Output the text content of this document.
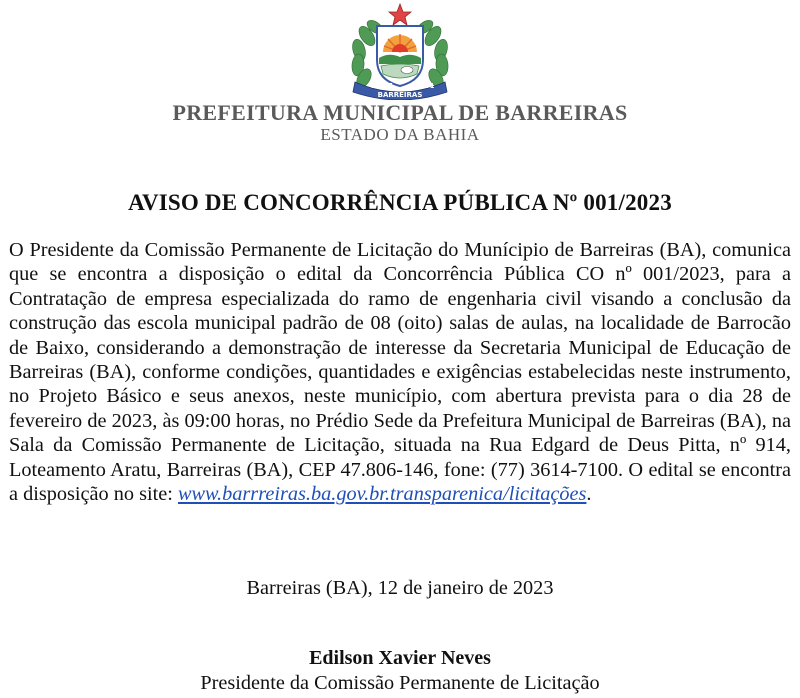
26/05	1891
BARREIRAS
PREFEITURA MUNICIPAL DE BARREIRAS
ESTADO DA BAHIA
AVISO DE CONCORRÊNCIA PÚBLICA Nº 001/2023

O Presidente da Comissão Permanente de Licitação do Munícipio de Barreiras (BA), comunica que se encontra a disposição o edital da Concorrência Pública CO nº 001/2023, para a Contratação de empresa especializada do ramo de engenharia civil visando a conclusão da construção das escola municipal padrão de 08 (oito) salas de aulas, na localidade de Barrocão de Baixo, considerando a demonstração de interesse da Secretaria Municipal de Educação de Barreiras (BA), conforme condições, quantidades e exigências estabelecidas neste instrumento, no Projeto Básico e seus anexos, neste município, com abertura prevista para o dia 28 de fevereiro de 2023, às 09:00 horas, no Prédio Sede da Prefeitura Municipal de Barreiras (BA), na Sala da Comissão Permanente de Licitação, situada na Rua Edgard de Deus Pitta, nº 914, Loteamento Aratu, Barreiras (BA), CEP 47.806-146, fone: (77) 3614-7100. O edital se encontra a disposição no site: www.barrreiras.ba.gov.br.transparenica/licitações.

Barreiras (BA), 12 de janeiro de 2023
Edilson Xavier Neves
Presidente da Comissão Permanente de Licitação
